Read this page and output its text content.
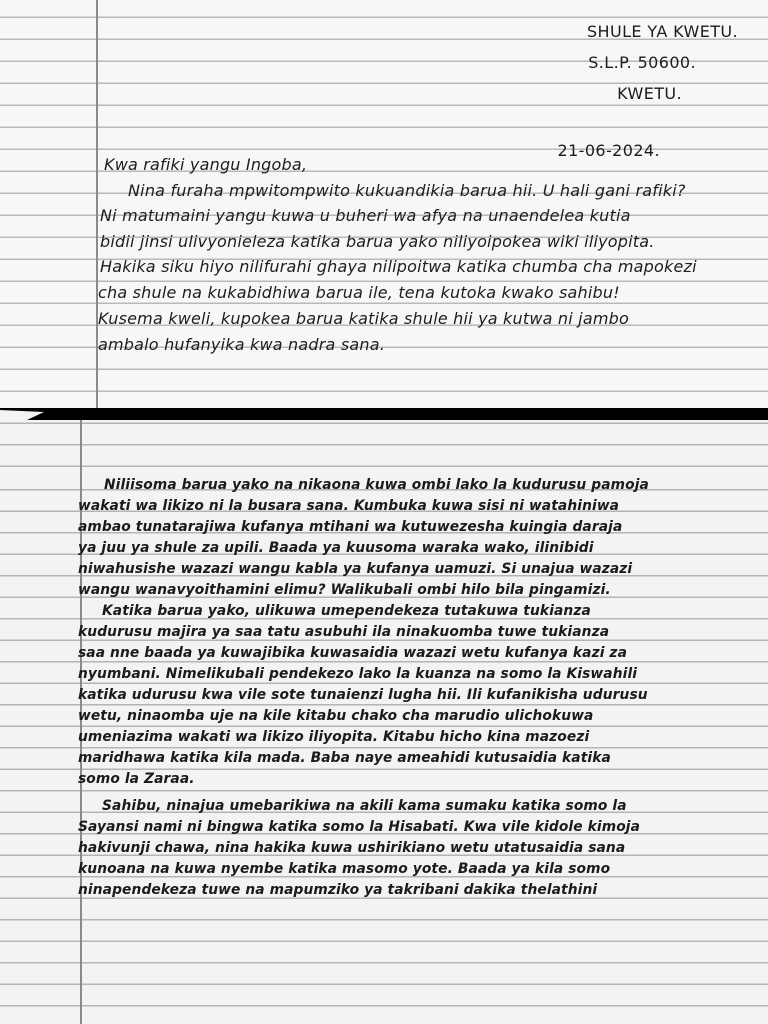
SHULE YA KWETU.
S.L.P. 50600.
KWETU.
21-06-2024.
Kwa rafiki yangu Ingoba,
Nina furaha mpwitompwito kukuandikia barua hii. U hali gani rafiki?
Ni matumaini yangu kuwa u buheri wa afya na unaendelea kutia
bidii jinsi ulivyonieleza katika barua yako niliyoipokea wiki iliyopita.
Hakika siku hiyo nilifurahi ghaya nilipoitwa katika chumba cha mapokezi
cha shule na kukabidhiwa barua ile, tena kutoka kwako sahibu!
Kusema kweli, kupokea barua katika shule hii ya kutwa ni jambo
ambalo hufanyika kwa nadra sana.
Niliisoma barua yako na nikaona kuwa ombi lako la kudurusu pamoja
wakati wa likizo ni la busara sana. Kumbuka kuwa sisi ni watahiniwa
ambao tunatarajiwa kufanya mtihani wa kutuwezesha kuingia daraja
ya juu ya shule za upili. Baada ya kuusoma waraka wako, ilinibidi
niwahusishe wazazi wangu kabla ya kufanya uamuzi. Si unajua wazazi
wangu wanavyoithamini elimu? Walikubali ombi hilo bila pingamizi.
Katika barua yako, ulikuwa umependekeza tutakuwa tukianza
kudurusu majira ya saa tatu asubuhi ila ninakuomba tuwe tukianza
saa nne baada ya kuwajibika kuwasaidia wazazi wetu kufanya kazi za
nyumbani. Nimelikubali pendekezo lako la kuanza na somo la Kiswahili
katika udurusu kwa vile sote tunaienzi lugha hii. Ili kufanikisha udurusu
wetu, ninaomba uje na kile kitabu chako cha marudio ulichokuwa
umeniazima wakati wa likizo iliyopita. Kitabu hicho kina mazoezi
maridhawa katika kila mada. Baba naye ameahidi kutusaidia katika
somo la Zaraa.
Sahibu, ninajua umebarikiwa na akili kama sumaku katika somo la
Sayansi nami ni bingwa katika somo la Hisabati. Kwa vile kidole kimoja
hakivunji chawa, nina hakika kuwa ushirikiano wetu utatusaidia sana
kunoana na kuwa nyembe katika masomo yote. Baada ya kila somo
ninapendekeza tuwe na mapumziko ya takribani dakika thelathini
